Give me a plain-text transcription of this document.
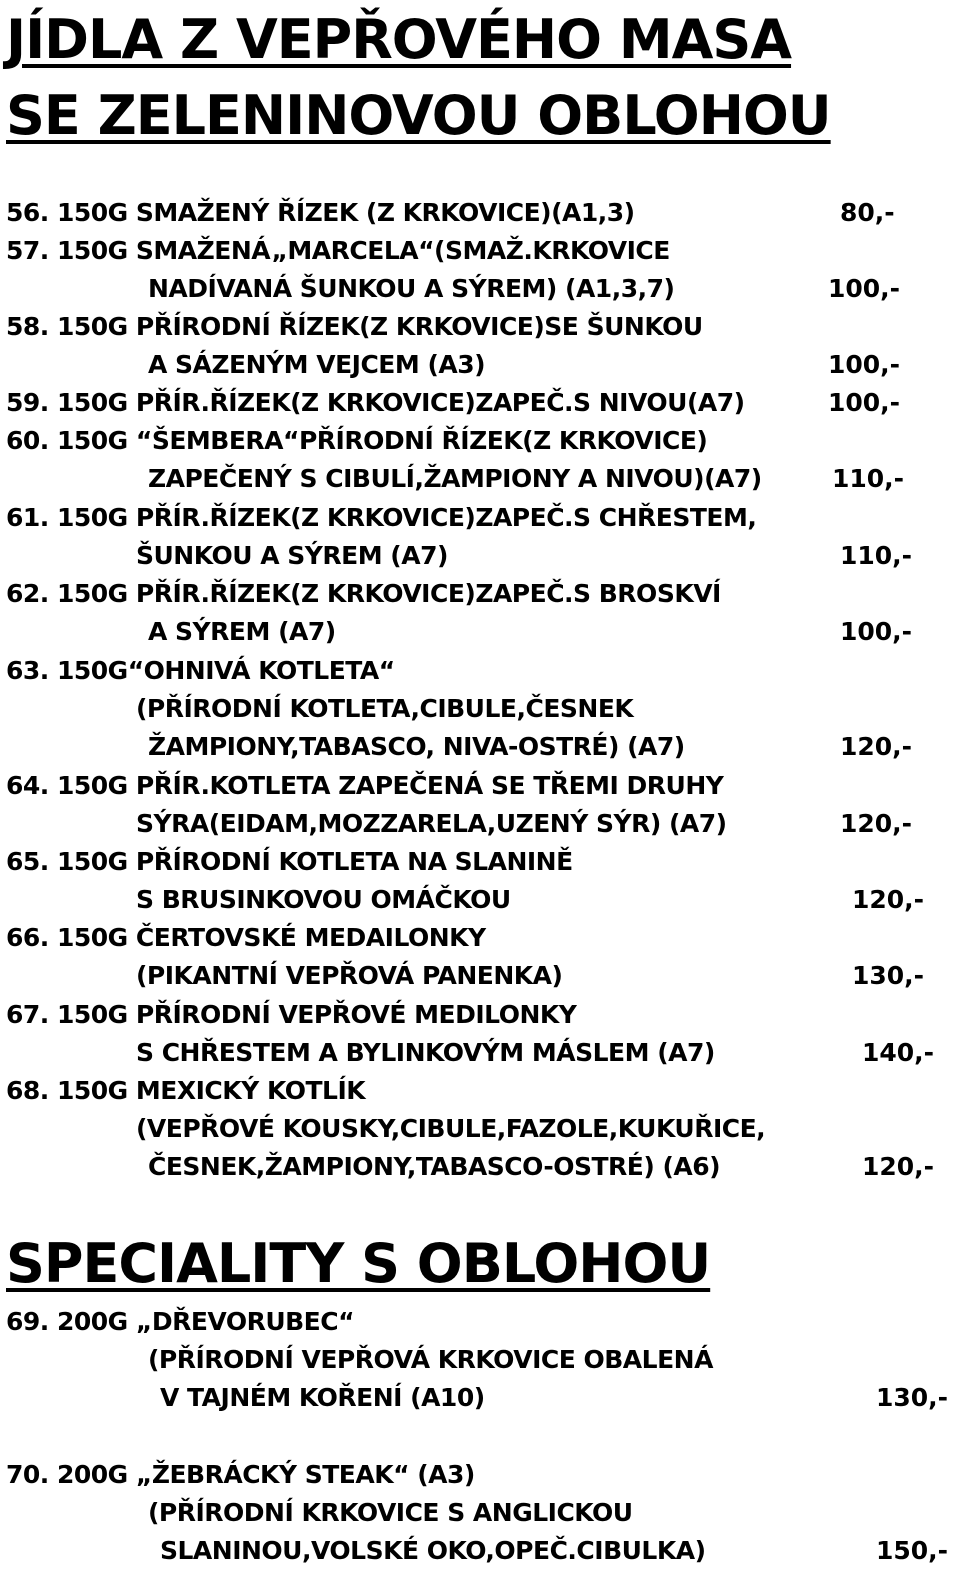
JÍDLA Z VEPŘOVÉHO MASA
SE ZELENINOVOU OBLOHOU
56. 150G SMAŽENÝ ŘÍZEK (Z KRKOVICE)(A1,3)	80,-
57. 150G SMAŽENÁ„MARCELA“(SMAŽ.KRKOVICE
NADÍVANÁ ŠUNKOU A SÝREM) (A1,3,7)	100,-
58. 150G PŘÍRODNÍ ŘÍZEK(Z KRKOVICE)SE ŠUNKOU
A SÁZENÝM VEJCEM (A3)	100,-
59. 150G PŘÍR.ŘÍZEK(Z KRKOVICE)ZAPEČ.S NIVOU(A7)	100,-
60. 150G “ŠEMBERA“PŘÍRODNÍ ŘÍZEK(Z KRKOVICE)
ZAPEČENÝ S CIBULÍ,ŽAMPIONY A NIVOU)(A7)	110,-
61. 150G PŘÍR.ŘÍZEK(Z KRKOVICE)ZAPEČ.S CHŘESTEM,
ŠUNKOU A SÝREM (A7)	110,-
62. 150G PŘÍR.ŘÍZEK(Z KRKOVICE)ZAPEČ.S BROSKVÍ
A SÝREM (A7)	100,-
63. 150G“OHNIVÁ KOTLETA“
(PŘÍRODNÍ KOTLETA,CIBULE,ČESNEK
ŽAMPIONY,TABASCO, NIVA-OSTRÉ) (A7)	120,-
64. 150G PŘÍR.KOTLETA ZAPEČENÁ SE TŘEMI DRUHY
SÝRA(EIDAM,MOZZARELA,UZENÝ SÝR) (A7)	120,-
65. 150G PŘÍRODNÍ KOTLETA NA SLANINĚ
S BRUSINKOVOU OMÁČKOU	120,-
66. 150G ČERTOVSKÉ MEDAILONKY
(PIKANTNÍ VEPŘOVÁ PANENKA)	130,-
67. 150G PŘÍRODNÍ VEPŘOVÉ MEDILONKY
S CHŘESTEM A BYLINKOVÝM MÁSLEM (A7)	140,-
68. 150G MEXICKÝ KOTLÍK
(VEPŘOVÉ KOUSKY,CIBULE,FAZOLE,KUKUŘICE,
ČESNEK,ŽAMPIONY,TABASCO-OSTRÉ) (A6)	120,-
SPECIALITY S OBLOHOU
69. 200G „DŘEVORUBEC“
(PŘÍRODNÍ VEPŘOVÁ KRKOVICE OBALENÁ
V TAJNÉM KOŘENÍ (A10)	130,-
70. 200G „ŽEBRÁCKÝ STEAK“ (A3)
(PŘÍRODNÍ KRKOVICE S ANGLICKOU
SLANINOU,VOLSKÉ OKO,OPEČ.CIBULKA)	150,-
